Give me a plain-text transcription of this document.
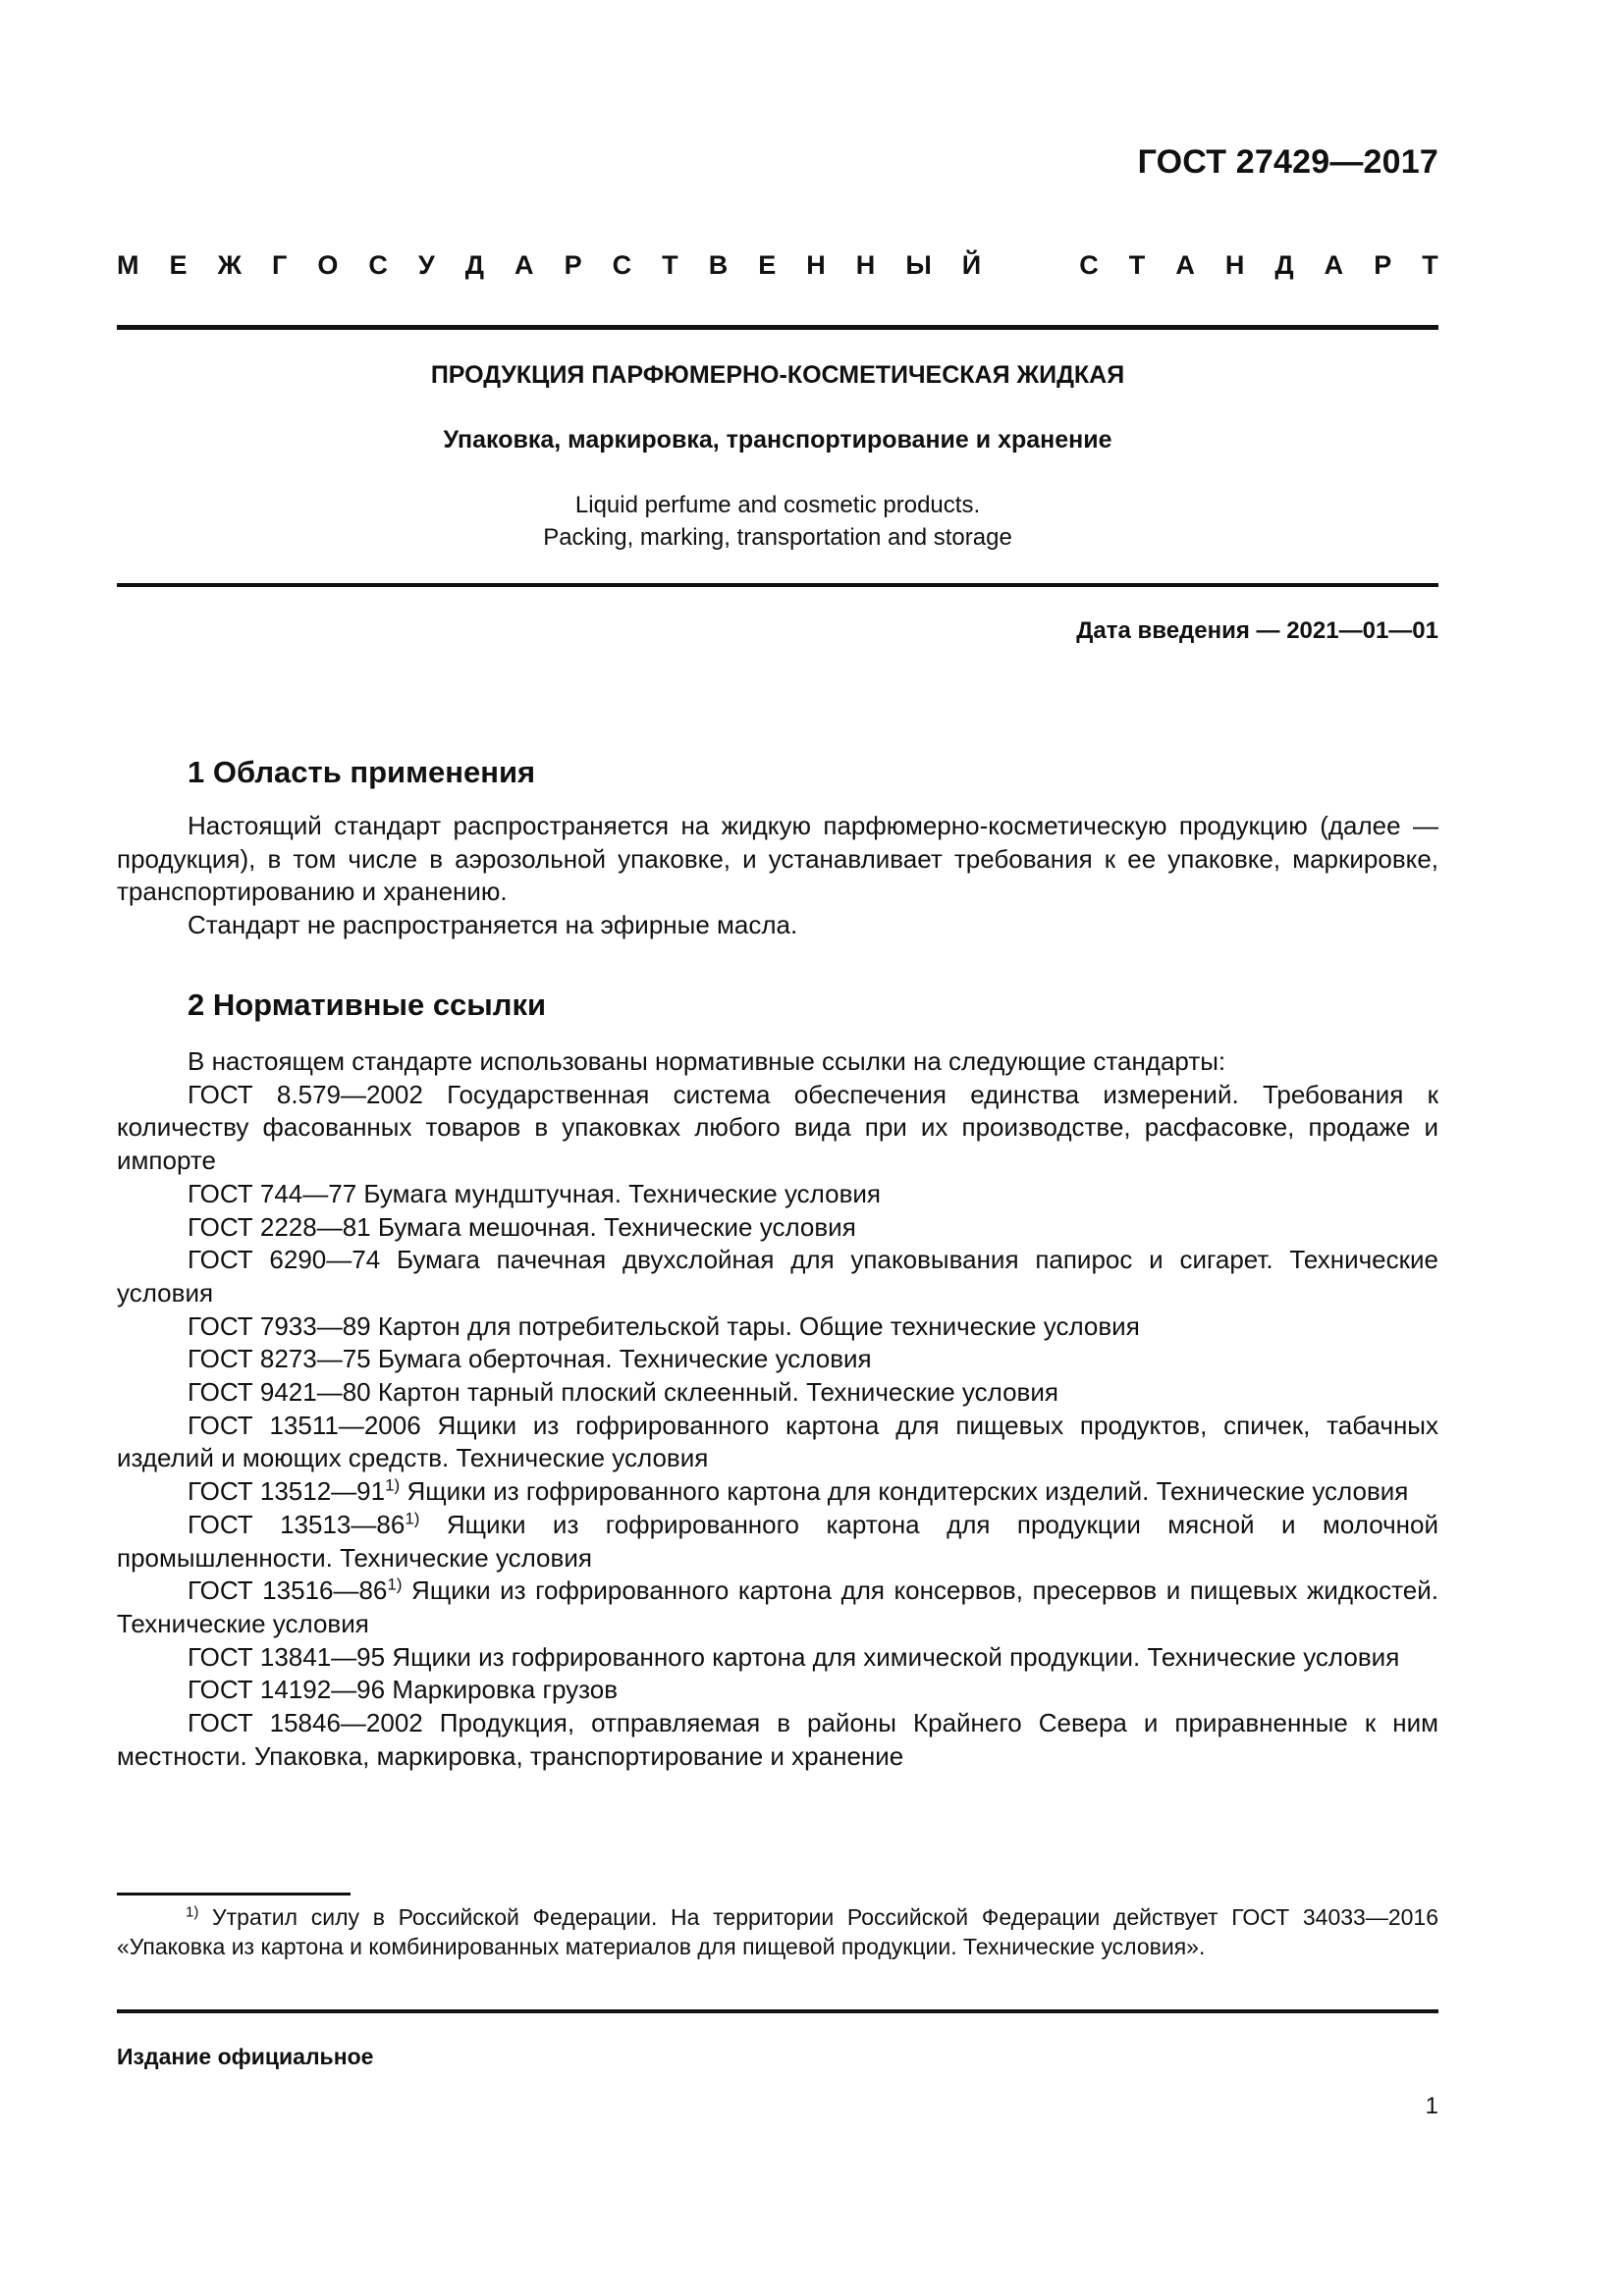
ГОСТ 27429—2017
М Е Ж Г О С У Д А Р С Т В Е Н Н Ы Й	С Т А Н Д А Р Т
ПРОДУКЦИЯ ПАРФЮМЕРНО-КОСМЕТИЧЕСКАЯ ЖИДКАЯ
Упаковка, маркировка, транспортирование и хранение
Liquid perfume and cosmetic products.
Packing, marking, transportation and storage
Дата введения — 2021—01—01
1 Область применения

Настоящий стандарт распространяется на жидкую парфюмерно-косметическую продукцию (далее — продукция), в том числе в аэрозольной упаковке, и устанавливает требования к ее упаковке, маркировке, транспортированию и хранению.

Стандарт не распространяется на эфирные масла.

2 Нормативные ссылки

В настоящем стандарте использованы нормативные ссылки на следующие стандарты:

ГОСТ 8.579—2002 Государственная система обеспечения единства измерений. Требования к количеству фасованных товаров в упаковках любого вида при их производстве, расфасовке, продаже и импорте

ГОСТ 744—77 Бумага мундштучная. Технические условия

ГОСТ 2228—81 Бумага мешочная. Технические условия

ГОСТ 6290—74 Бумага пачечная двухслойная для упаковывания папирос и сигарет. Технические условия

ГОСТ 7933—89 Картон для потребительской тары. Общие технические условия

ГОСТ 8273—75 Бумага оберточная. Технические условия

ГОСТ 9421—80 Картон тарный плоский склеенный. Технические условия

ГОСТ 13511—2006 Ящики из гофрированного картона для пищевых продуктов, спичек, табачных изделий и моющих средств. Технические условия

ГОСТ 13512—91$^{1)}$ Ящики из гофрированного картона для кондитерских изделий. Технические условия

ГОСТ 13513—86$^{1)}$ Ящики из гофрированного картона для продукции мясной и молочной промышленности. Технические условия

ГОСТ 13516—86$^{1)}$ Ящики из гофрированного картона для консервов, пресервов и пищевых жидкостей. Технические условия

ГОСТ 13841—95 Ящики из гофрированного картона для химической продукции. Технические условия

ГОСТ 14192—96 Маркировка грузов

ГОСТ 15846—2002 Продукция, отправляемая в районы Крайнего Севера и приравненные к ним местности. Упаковка, маркировка, транспортирование и хранение

$^{1)}$ Утратил силу в Российской Федерации. На территории Российской Федерации действует ГОСТ 34033—2016 «Упаковка из картона и комбинированных материалов для пищевой продукции. Технические условия».

Издание официальное
1
